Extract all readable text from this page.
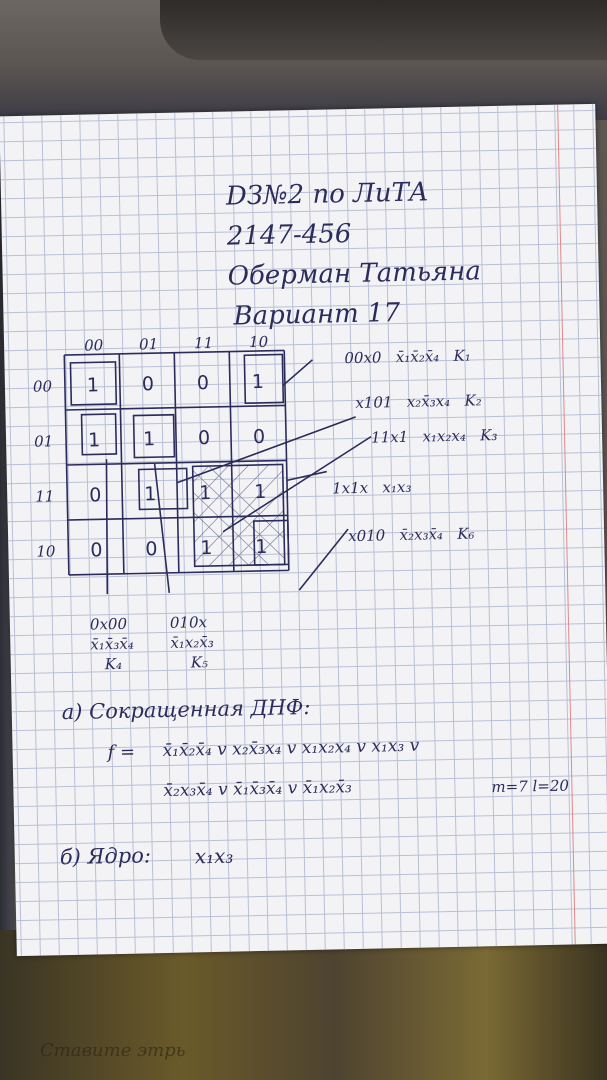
Ставите этрь
DЗ№2 по ЛиТА
2147-456
Оберман Татьяна
Вариант 17
00 01 11 10
00
01
11
10
1 0 0 1
1 1 0 0
0 1 1 1
0 0 1 1
00x0 x̄₁x̄₂x̄₄ K₁
x101 x₂x̄₃x₄ K₂
11x1 x₁x₂x₄ K₃
1x1x x₁x₃
x010 x̄₂x₃x̄₄ K₆
0x00
x̄₁x̄₃x̄₄
K₄
010x
x̄₁x₂x̄₃
K₅
а) Сокращенная ДНФ:
f = x̄₁x̄₂x̄₄ v x₂x̄₃x₄ v x₁x₂x₄ v x₁x₃ v
x̄₂x₃x̄₄ v x̄₁x̄₃x̄₄ v x̄₁x₂x̄₃	m=7 l=20
б) Ядро: x₁x₃
